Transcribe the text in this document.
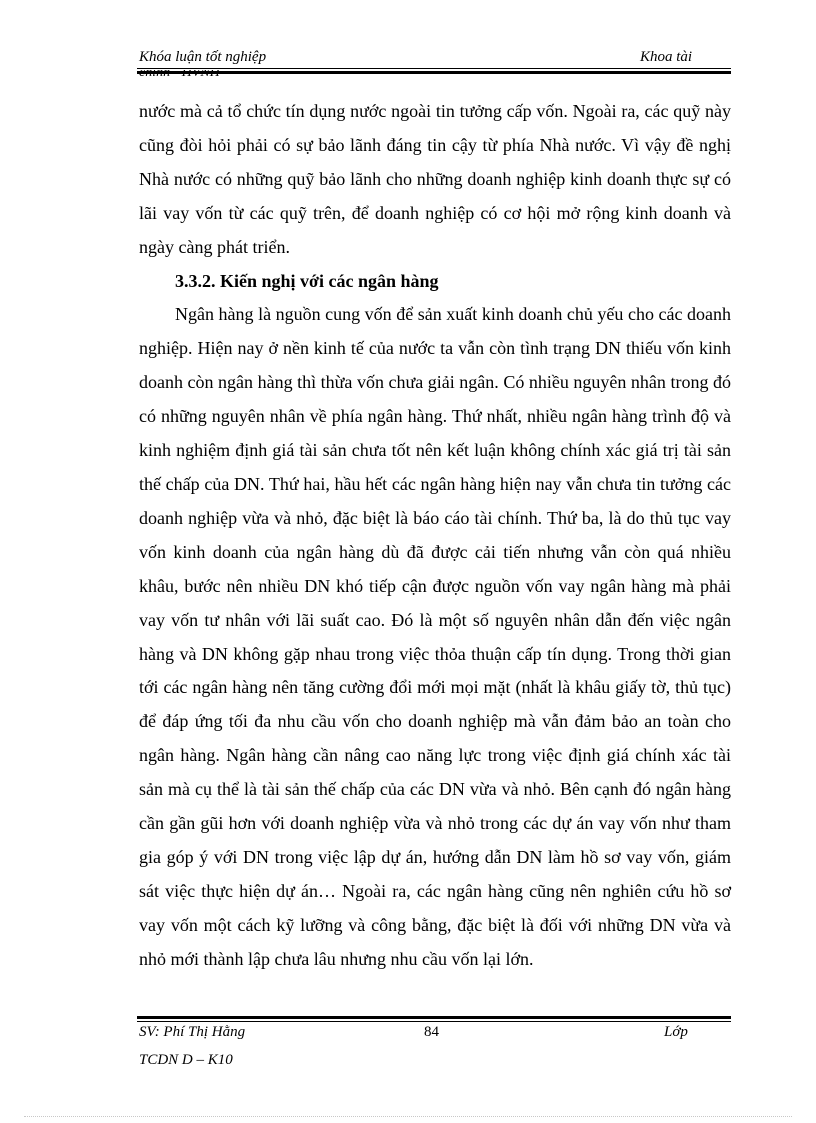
Khóa luận tốt nghiệp	Khoa tài

nước mà cả tổ chức tín dụng nước ngoài tin tưởng cấp vốn. Ngoài ra, các quỹ này cũng đòi hỏi phải có sự bảo lãnh đáng tin cậy từ phía Nhà nước. Vì vậy đề nghị Nhà nước có những quỹ bảo lãnh cho những doanh nghiệp kinh doanh thực sự có lãi vay vốn từ các quỹ trên, để doanh nghiệp có cơ hội mở rộng kinh doanh và ngày càng phát triển.

3.3.2. Kiến nghị với các ngân hàng

Ngân hàng là nguồn cung vốn để sản xuất kinh doanh chủ yếu cho các doanh nghiệp. Hiện nay ở nền kinh tế của nước ta vẫn còn tình trạng DN thiếu vốn kinh doanh còn ngân hàng thì thừa vốn chưa giải ngân. Có nhiều nguyên nhân trong đó có những nguyên nhân về phía ngân hàng. Thứ nhất, nhiều ngân hàng trình độ và kinh nghiệm định giá tài sản chưa tốt nên kết luận không chính xác giá trị tài sản thế chấp của DN. Thứ hai, hầu hết các ngân hàng hiện nay vẫn chưa tin tưởng các doanh nghiệp vừa và nhỏ, đặc biệt là báo cáo tài chính. Thứ ba, là do thủ tục vay vốn kinh doanh của ngân hàng dù đã được cải tiến nhưng vẫn còn quá nhiều khâu, bước nên nhiều DN khó tiếp cận được nguồn vốn vay ngân hàng mà phải vay vốn tư nhân với lãi suất cao. Đó là một số nguyên nhân dẫn đến việc ngân hàng và DN không gặp nhau trong việc thỏa thuận cấp tín dụng. Trong thời gian tới các ngân hàng nên tăng cường đổi mới mọi mặt (nhất là khâu giấy tờ, thủ tục) để đáp ứng tối đa nhu cầu vốn cho doanh nghiệp mà vẫn đảm bảo an toàn cho ngân hàng. Ngân hàng cần nâng cao năng lực trong việc định giá chính xác tài sản mà cụ thể là tài sản thế chấp của các DN vừa và nhỏ. Bên cạnh đó ngân hàng cần gần gũi hơn với doanh nghiệp vừa và nhỏ trong các dự án vay vốn như tham gia góp ý với DN trong việc lập dự án, hướng dẫn DN làm hồ sơ vay vốn, giám sát việc thực hiện dự án… Ngoài ra, các ngân hàng cũng nên nghiên cứu hồ sơ vay vốn một cách kỹ lưỡng và công bằng, đặc biệt là đối với những DN vừa và nhỏ mới thành lập chưa lâu nhưng nhu cầu vốn lại lớn.

SV: Phí Thị Hằng	84	Lớp
TCDN D – K10
